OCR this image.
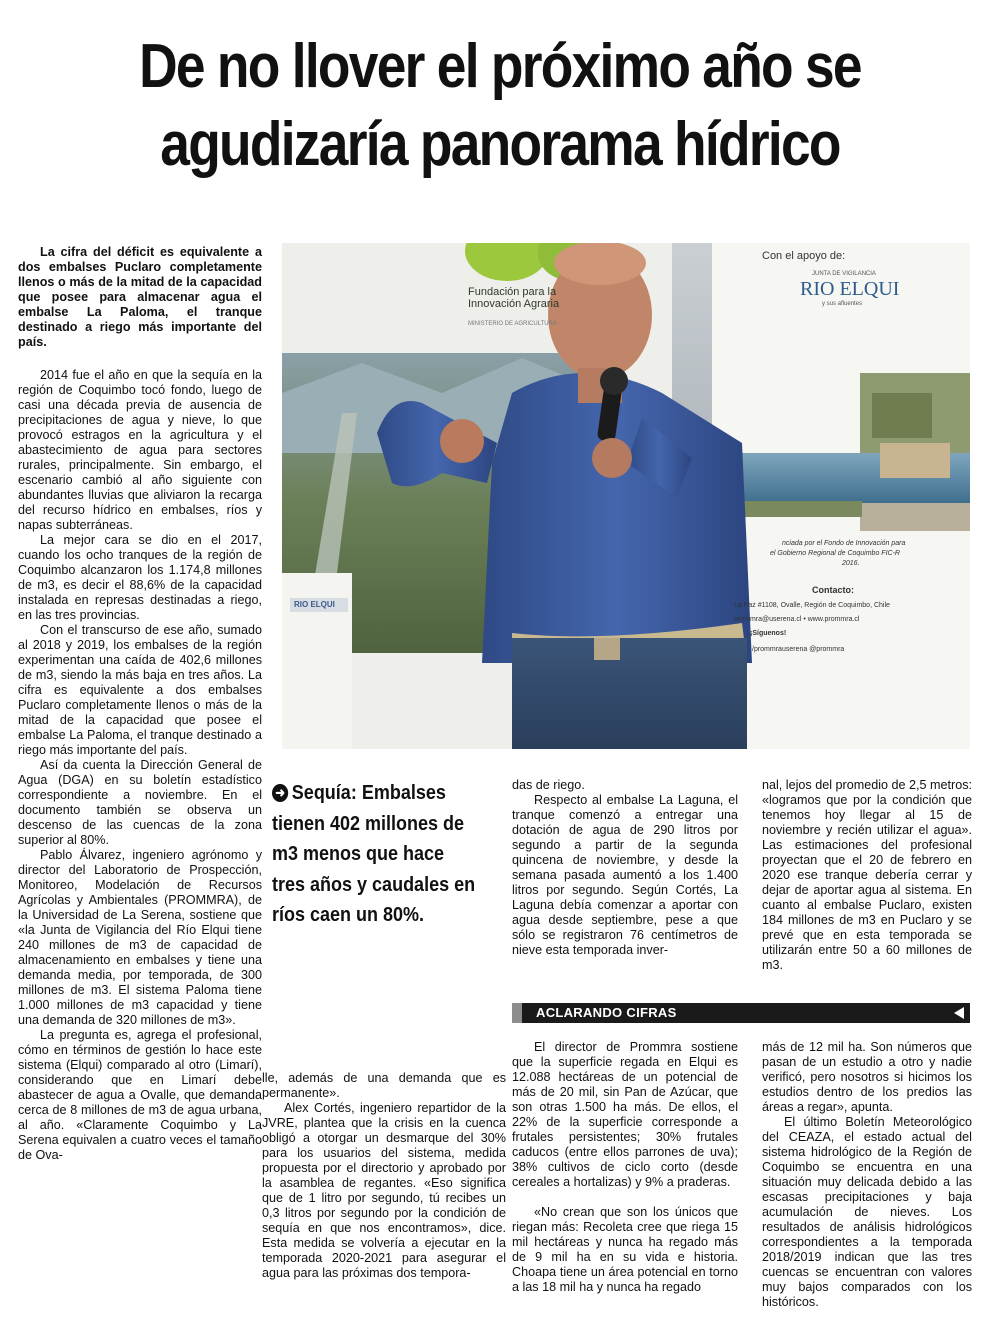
De no llover el próximo año se
agudizaría panorama hídrico
La cifra del déficit es equivalente a dos embalses Puclaro completamente llenos o más de la mitad de la capacidad que posee para almacenar agua el embalse La Paloma, el tranque destinado a riego más importante del país.

2014 fue el año en que la sequía en la región de Coquimbo tocó fondo, luego de casi una década previa de ausencia de precipitaciones de agua y nieve, lo que provocó estragos en la agricultura y el abastecimiento de agua para sectores rurales, principalmente. Sin embargo, el escenario cambió al año siguiente con abundantes lluvias que aliviaron la recarga del recurso hídrico en embalses, ríos y napas subterráneas.

La mejor cara se dio en el 2017, cuando los ocho tranques de la región de Coquimbo alcanzaron los 1.174,8 millones de m3, es decir el 88,6% de la capacidad instalada en represas destinadas a riego, en las tres provincias.

Con el transcurso de ese año, sumado al 2018 y 2019, los embalses de la región experimentan una caída de 402,6 millones de m3, siendo la más baja en tres años. La cifra es equivalente a dos embalses Puclaro completamente llenos o más de la mitad de la capacidad que posee el embalse La Paloma, el tranque destinado a riego más importante del país.

Así da cuenta la Dirección General de Agua (DGA) en su boletín estadístico correspondiente a noviembre. En el documento también se observa un descenso de las cuencas de la zona superior al 80%.

Pablo Álvarez, ingeniero agrónomo y director del Laboratorio de Prospección, Monitoreo, Modelación de Recursos Agrícolas y Ambientales (PROMMRA), de la Universidad de La Serena, sostiene que «la Junta de Vigilancia del Río Elqui tiene 240 millones de m3 de capacidad de almacenamiento en embalses y tiene una demanda media, por temporada, de 300 millones de m3. El sistema Paloma tiene 1.000 millones de m3 capacidad y tiene una demanda de 320 millones de m3».

La pregunta es, agrega el profesional, cómo en términos de gestión lo hace este sistema (Elqui) comparado al otro (Limarí), considerando que en Limarí debe abastecer de agua a Ovalle, que demanda cerca de 8 millones de m3 de agua urbana, al año. «Claramente Coquimbo y La Serena equivalen a cuatro veces el tamaño de Ova-

Fundación para la
Innovación Agraria
MINISTERIO DE AGRICULTURA
RIO ELQUI
Con el apoyo de:
JUNTA DE VIGILANCIA
RIO ELQUI
y sus afluentes
nciada por el Fondo de Innovación para
el Gobierno Regional de Coquimbo FIC-R
2016.
Contacto:
La Paz #1108, Ovalle, Región de Coquimbo, Chile
prommra@userena.cl • www.prommra.cl
¡Síguenos!
/prommrauserena @prommra
➜ Sequía: Embalses tienen 402 millones de m3 menos que hace tres años y caudales en ríos caen un 80%.

lle, además de una demanda que es permanente».

Alex Cortés, ingeniero repartidor de la JVRE, plantea que la crisis en la cuenca obligó a otorgar un desmarque del 30% para los usuarios del sistema, medida propuesta por el directorio y aprobado por la asamblea de regantes. «Eso significa que de 1 litro por segundo, tú recibes un 0,3 litros por segundo por la condición de sequía en que nos encontramos», dice. Esta medida se volvería a ejecutar en la temporada 2020-2021 para asegurar el agua para las próximas dos tempora-

das de riego.

Respecto al embalse La Laguna, el tranque comenzó a entregar una dotación de agua de 290 litros por segundo a partir de la segunda quincena de noviembre, y desde la semana pasada aumentó a los 1.400 litros por segundo. Según Cortés, La Laguna debía comenzar a aportar con agua desde septiembre, pese a que sólo se registraron 76 centímetros de nieve esta temporada inver-

nal, lejos del promedio de 2,5 metros: «logramos que por la condición que tenemos hoy llegar al 15 de noviembre y recién utilizar el agua». Las estimaciones del profesional proyectan que el 20 de febrero en 2020 ese tranque debería cerrar y dejar de aportar agua al sistema. En cuanto al embalse Puclaro, existen 184 millones de m3 en Puclaro y se prevé que en esta temporada se utilizarán entre 50 a 60 millones de m3.

ACLARANDO CIFRAS

El director de Prommra sostiene que la superficie regada en Elqui es 12.088 hectáreas de un potencial de más de 20 mil, sin Pan de Azúcar, que son otras 1.500 ha más. De ellos, el 22% de la superficie corresponde a frutales persistentes; 30% frutales caducos (entre ellos parrones de uva); 38% cultivos de ciclo corto (desde cereales a hortalizas) y 9% a praderas.

«No crean que son los únicos que riegan más: Recoleta cree que riega 15 mil hectáreas y nunca ha regado más de 9 mil ha en su vida e historia. Choapa tiene un área potencial en torno a las 18 mil ha y nunca ha regado

más de 12 mil ha. Son números que pasan de un estudio a otro y nadie verificó, pero nosotros si hicimos los estudios dentro de los predios las áreas a regar», apunta.

El último Boletín Meteorológico del CEAZA, el estado actual del sistema hidrológico de la Región de Coquimbo se encuentra en una situación muy delicada debido a las escasas precipitaciones y baja acumulación de nieves. Los resultados de análisis hidrológicos correspondientes a la temporada 2018/2019 indican que las tres cuencas se encuentran con valores muy bajos comparados con los históricos.
